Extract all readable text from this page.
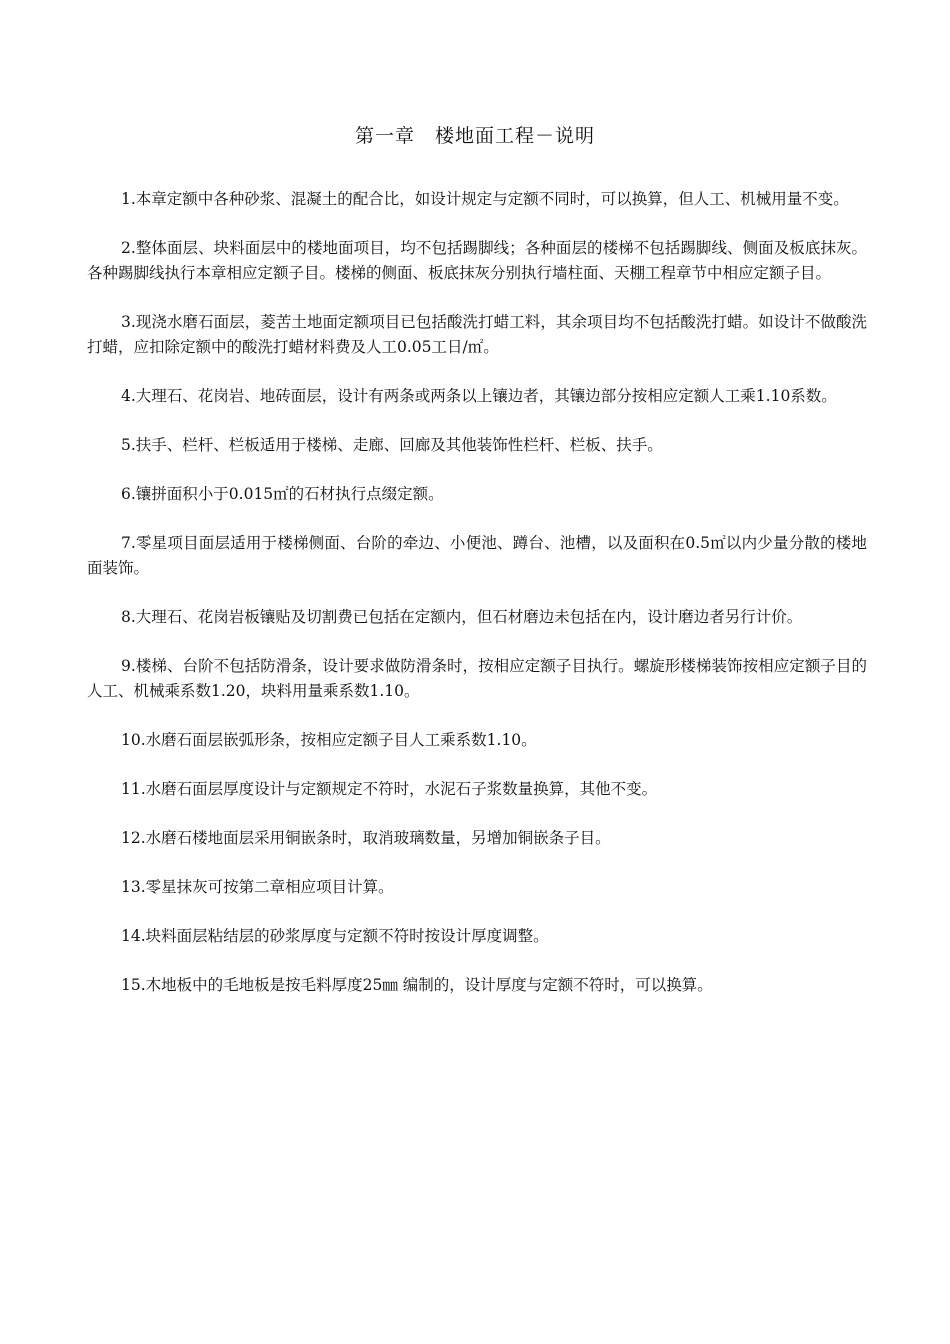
第一章　楼地面工程－说明

1.本章定额中各种砂浆、混凝土的配合比，如设计规定与定额不同时，可以换算，但人工、机械用量不变。

2.整体面层、块料面层中的楼地面项目，均不包括踢脚线；各种面层的楼梯不包括踢脚线、侧面及板底抹灰。各种踢脚线执行本章相应定额子目。楼梯的侧面、板底抹灰分别执行墙柱面、天棚工程章节中相应定额子目。

3.现浇水磨石面层，菱苦土地面定额项目已包括酸洗打蜡工料，其余项目均不包括酸洗打蜡。如设计不做酸洗打蜡，应扣除定额中的酸洗打蜡材料费及人工0.05工日/㎡。

4.大理石、花岗岩、地砖面层，设计有两条或两条以上镶边者，其镶边部分按相应定额人工乘1.10系数。

5.扶手、栏杆、栏板适用于楼梯、走廊、回廊及其他装饰性栏杆、栏板、扶手。

6.镶拼面积小于0.015㎡的石材执行点缀定额。

7.零星项目面层适用于楼梯侧面、台阶的牵边、小便池、蹲台、池槽，以及面积在0.5㎡以内少量分散的楼地面装饰。

8.大理石、花岗岩板镶贴及切割费已包括在定额内，但石材磨边未包括在内，设计磨边者另行计价。

9.楼梯、台阶不包括防滑条，设计要求做防滑条时，按相应定额子目执行。螺旋形楼梯装饰按相应定额子目的人工、机械乘系数1.20，块料用量乘系数1.10。

10.水磨石面层嵌弧形条，按相应定额子目人工乘系数1.10。

11.水磨石面层厚度设计与定额规定不符时，水泥石子浆数量换算，其他不变。

12.水磨石楼地面层采用铜嵌条时，取消玻璃数量，另增加铜嵌条子目。

13.零星抹灰可按第二章相应项目计算。

14.块料面层粘结层的砂浆厚度与定额不符时按设计厚度调整。

15.木地板中的毛地板是按毛料厚度25㎜ 编制的，设计厚度与定额不符时，可以换算。
